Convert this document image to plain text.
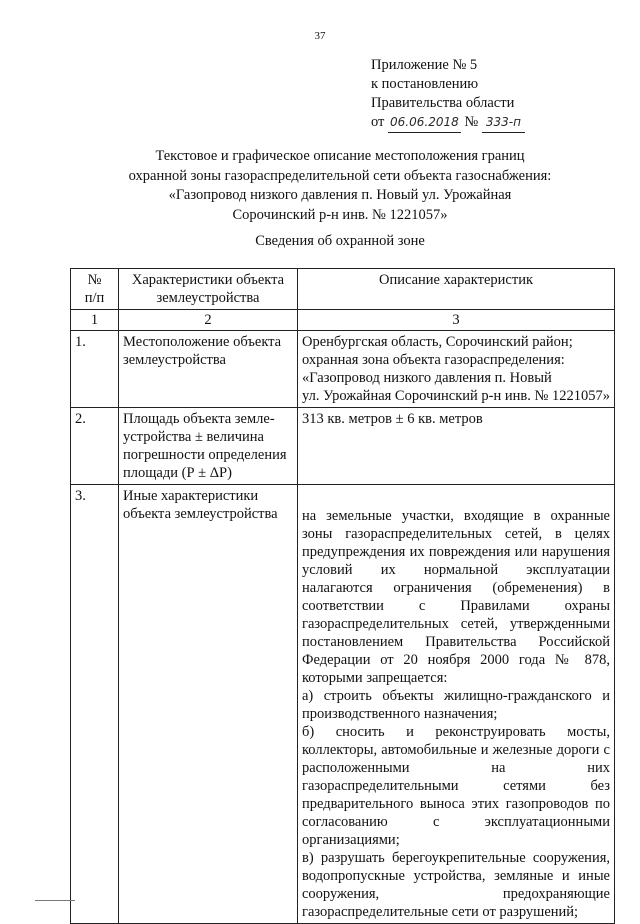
37
Приложение № 5
к постановлению
Правительства области
от 06.06.2018 № 333-п
Текстовое и графическое описание местоположения границ
охранной зоны газораспределительной сети объекта газоснабжения:
«Газопровод низкого давления п. Новый ул. Урожайная
Сорочинский р-н инв. № 1221057»
Сведения об охранной зоне
№
п/п	Характеристики объекта землеустройства	Описание характеристик
1	2	3
1.	Местоположение объекта землеустройства	Оренбургская область, Сорочинский район;

охранная зона объекта газораспределения:

«Газопровод низкого давления п. Новый

ул. Урожайная Сорочинский р-н инв. № 1221057»

2.	Площадь объекта земле-устройства ± величина погрешности определения площади (Р ± ΔР)	313 кв. метров ± 6 кв. метров

3.	Иные характеристики объекта землеустройства	на земельные участки, входящие в охранные зоны газораспределительных сетей, в целях предупреждения их повреждения или нарушения условий их нормальной эксплуатации налагаются ограничения (обременения) в соответствии с Правилами охраны газораспределительных сетей, утвержденными постановлением Правительства Российской Федерации от 20 ноября 2000 года № 878, которыми запрещается:

а) строить объекты жилищно-гражданского и производственного назначения;

б) сносить и реконструировать мосты, коллекторы, автомобильные и железные дороги с расположенными на них газораспределительными сетями без предварительного выноса этих газопроводов по согласованию с эксплуатационными организациями;

в) разрушать берегоукрепительные сооружения, водопропускные устройства, земляные и иные сооружения, предохраняющие газораспределительные сети от разрушений;
